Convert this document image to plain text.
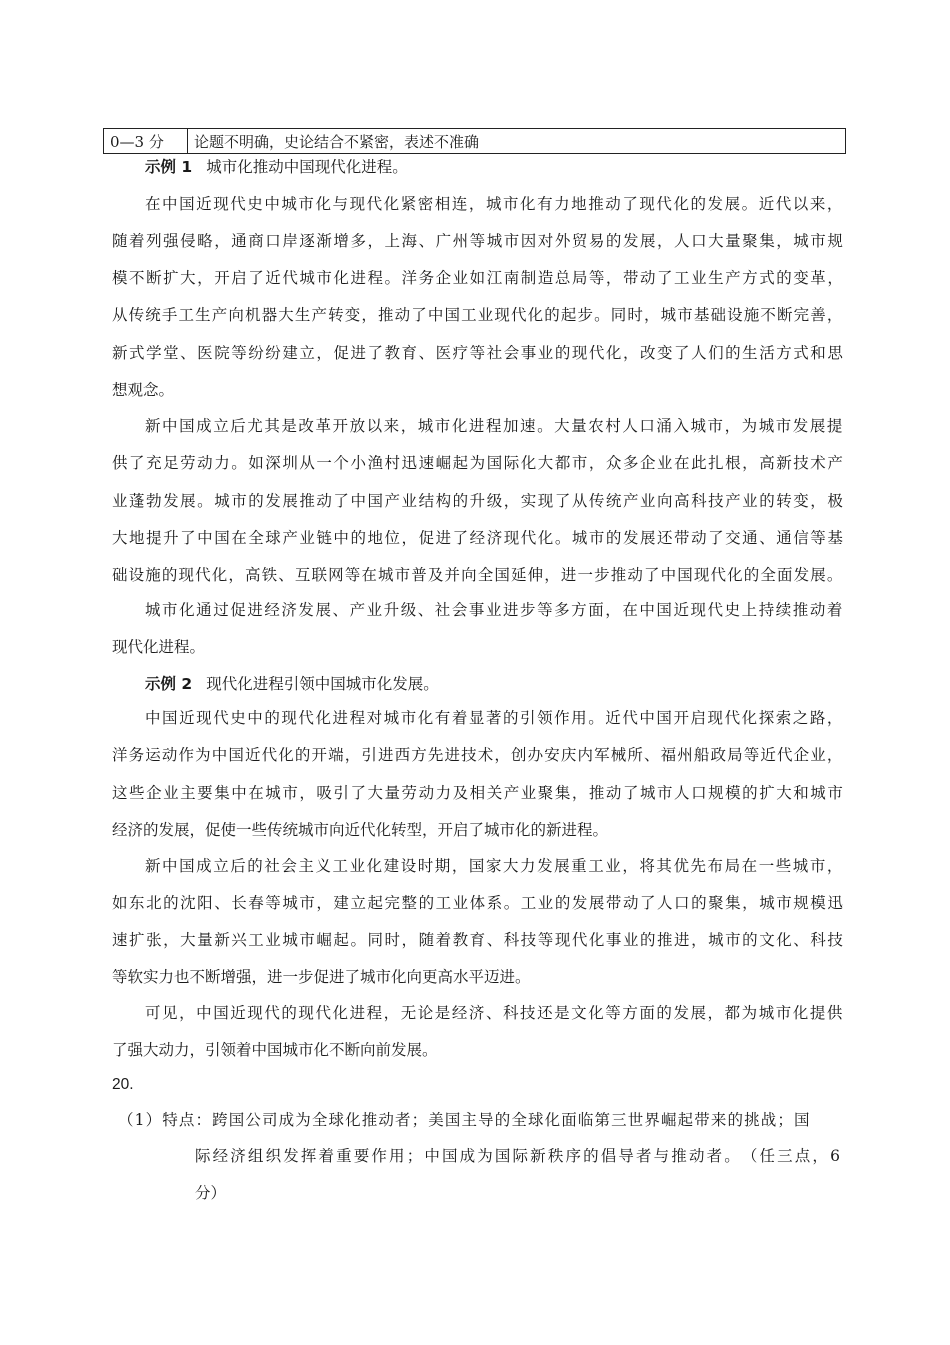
0—3 分	论题不明确，史论结合不紧密，表述不准确
示例 1 城市化推动中国现代化进程。
在 中 国 近 现 代 史 中 城 市 化 与 现 代 化 紧 密 相 连 ， 城 市 化 有 力 地 推 动 了 现 代 化 的 发 展 。 近 代 以 来 ，
随 着 列 强 侵 略 ， 通 商 口 岸 逐 渐 增 多 ， 上 海 、 广 州 等 城 市 因 对 外 贸 易 的 发 展 ， 人 口 大 量 聚 集 ， 城 市 规
模 不 断 扩 大 ， 开 启 了 近 代 城 市 化 进 程 。 洋 务 企 业 如 江 南 制 造 总 局 等 ， 带 动 了 工 业 生 产 方 式 的 变 革 ，
从 传 统 手 工 生 产 向 机 器 大 生 产 转 变 ， 推 动 了 中 国 工 业 现 代 化 的 起 步 。 同 时 ， 城 市 基 础 设 施 不 断 完 善 ，
新 式 学 堂 、 医 院 等 纷 纷 建 立 ， 促 进 了 教 育 、 医 疗 等 社 会 事 业 的 现 代 化 ， 改 变 了 人 们 的 生 活 方 式 和 思
想观念。
新 中 国 成 立 后 尤 其 是 改 革 开 放 以 来 ， 城 市 化 进 程 加 速 。 大 量 农 村 人 口 涌 入 城 市 ， 为 城 市 发 展 提
供 了 充 足 劳 动 力 。 如 深 圳 从 一 个 小 渔 村 迅 速 崛 起 为 国 际 化 大 都 市 ， 众 多 企 业 在 此 扎 根 ， 高 新 技 术 产
业 蓬 勃 发 展 。 城 市 的 发 展 推 动 了 中 国 产 业 结 构 的 升 级 ， 实 现 了 从 传 统 产 业 向 高 科 技 产 业 的 转 变 ， 极
大 地 提 升 了 中 国 在 全 球 产 业 链 中 的 地 位 ， 促 进 了 经 济 现 代 化 。 城 市 的 发 展 还 带 动 了 交 通 、 通 信 等 基
础 设 施 的 现 代 化 ， 高 铁 、 互 联 网 等 在 城 市 普 及 并 向 全 国 延 伸 ， 进 一 步 推 动 了 中 国 现 代 化 的 全 面 发 展 。
城 市 化 通 过 促 进 经 济 发 展 、 产 业 升 级 、 社 会 事 业 进 步 等 多 方 面 ， 在 中 国 近 现 代 史 上 持 续 推 动 着
现代化进程。
示例 2 现代化进程引领中国城市化发展。
中 国 近 现 代 史 中 的 现 代 化 进 程 对 城 市 化 有 着 显 著 的 引 领 作 用 。 近 代 中 国 开 启 现 代 化 探 索 之 路 ，
洋 务 运 动 作 为 中 国 近 代 化 的 开 端 ， 引 进 西 方 先 进 技 术 ， 创 办 安 庆 内 军 械 所 、 福 州 船 政 局 等 近 代 企 业 ，
这 些 企 业 主 要 集 中 在 城 市 ， 吸 引 了 大 量 劳 动 力 及 相 关 产 业 聚 集 ， 推 动 了 城 市 人 口 规 模 的 扩 大 和 城 市
经济的发展，促使一些传统城市向近代化转型，开启了城市化的新进程。
新 中 国 成 立 后 的 社 会 主 义 工 业 化 建 设 时 期 ， 国 家 大 力 发 展 重 工 业 ， 将 其 优 先 布 局 在 一 些 城 市 ，
如 东 北 的 沈 阳 、 长 春 等 城 市 ， 建 立 起 完 整 的 工 业 体 系 。 工 业 的 发 展 带 动 了 人 口 的 聚 集 ， 城 市 规 模 迅
速 扩 张 ， 大 量 新 兴 工 业 城 市 崛 起 。 同 时 ， 随 着 教 育 、 科 技 等 现 代 化 事 业 的 推 进 ， 城 市 的 文 化 、 科 技
等软实力也不断增强，进一步促进了城市化向更高水平迈进。
可 见 ， 中 国 近 现 代 的 现 代 化 进 程 ， 无 论 是 经 济 、 科 技 还 是 文 化 等 方 面 的 发 展 ， 都 为 城 市 化 提 供
了强大动力，引领着中国城市化不断向前发展。
20.
（ 1 ） 特 点 ： 跨 国 公 司 成 为 全 球 化 推 动 者 ； 美 国 主 导 的 全 球 化 面 临 第 三 世 界 崛 起 带 来 的 挑 战 ； 国
际 经 济 组 织 发 挥 着 重 要 作 用 ； 中 国 成 为 国 际 新 秩 序 的 倡 导 者 与 推 动 者 。 （ 任 三 点 ， 6
分）
